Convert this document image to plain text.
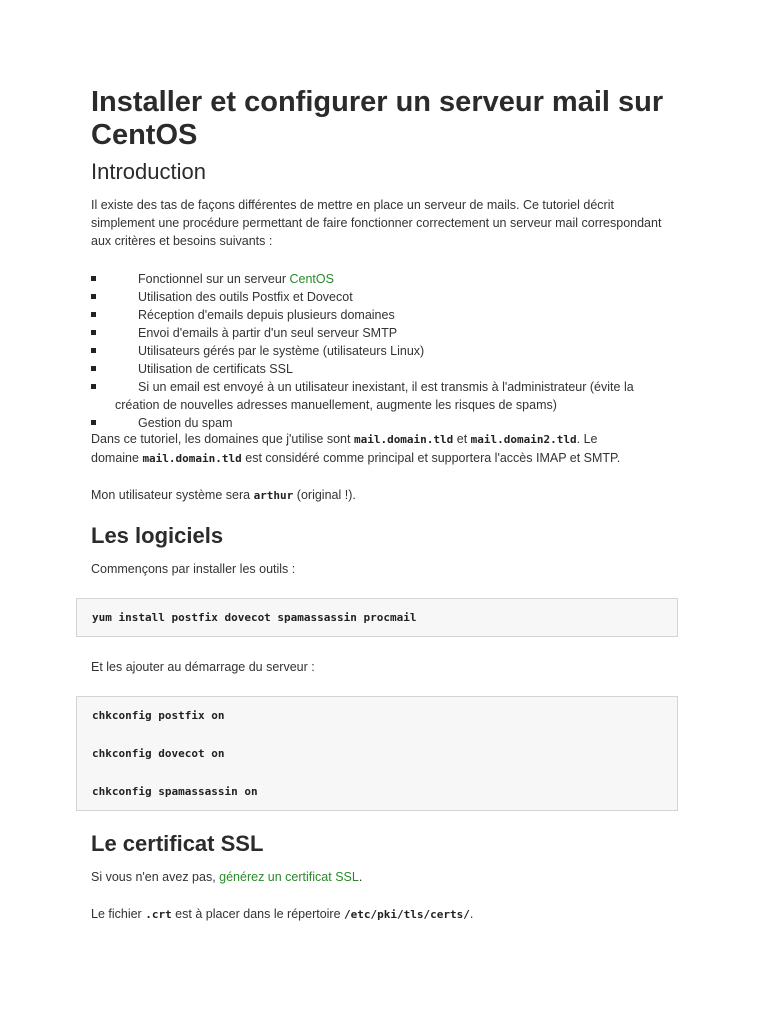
Installer et configurer un serveur mail sur CentOS
Introduction

Il existe des tas de façons différentes de mettre en place un serveur de mails. Ce tutoriel décrit simplement une procédure permettant de faire fonctionner correctement un serveur mail correspondant aux critères et besoins suivants :

Fonctionnel sur un serveur CentOS
Utilisation des outils Postfix et Dovecot
Réception d'emails depuis plusieurs domaines
Envoi d'emails à partir d'un seul serveur SMTP
Utilisateurs gérés par le système (utilisateurs Linux)
Utilisation de certificats SSL
Si un email est envoyé à un utilisateur inexistant, il est transmis à l'administrateur (évite la
création de nouvelles adresses manuellement, augmente les risques de spams)
Gestion du spam

Dans ce tutoriel, les domaines que j'utilise sont mail.domain.tld et mail.domain2.tld. Le
domaine mail.domain.tld est considéré comme principal et supportera l'accès IMAP et SMTP.

Mon utilisateur système sera arthur (original !).

Les logiciels

Commençons par installer les outils :

yum install postfix dovecot spamassassin procmail

Et les ajouter au démarrage du serveur :

chkconfig postfix on
chkconfig dovecot on
chkconfig spamassassin on
Le certificat SSL

Si vous n'en avez pas, générez un certificat SSL.

Le fichier .crt est à placer dans le répertoire /etc/pki/tls/certs/.
